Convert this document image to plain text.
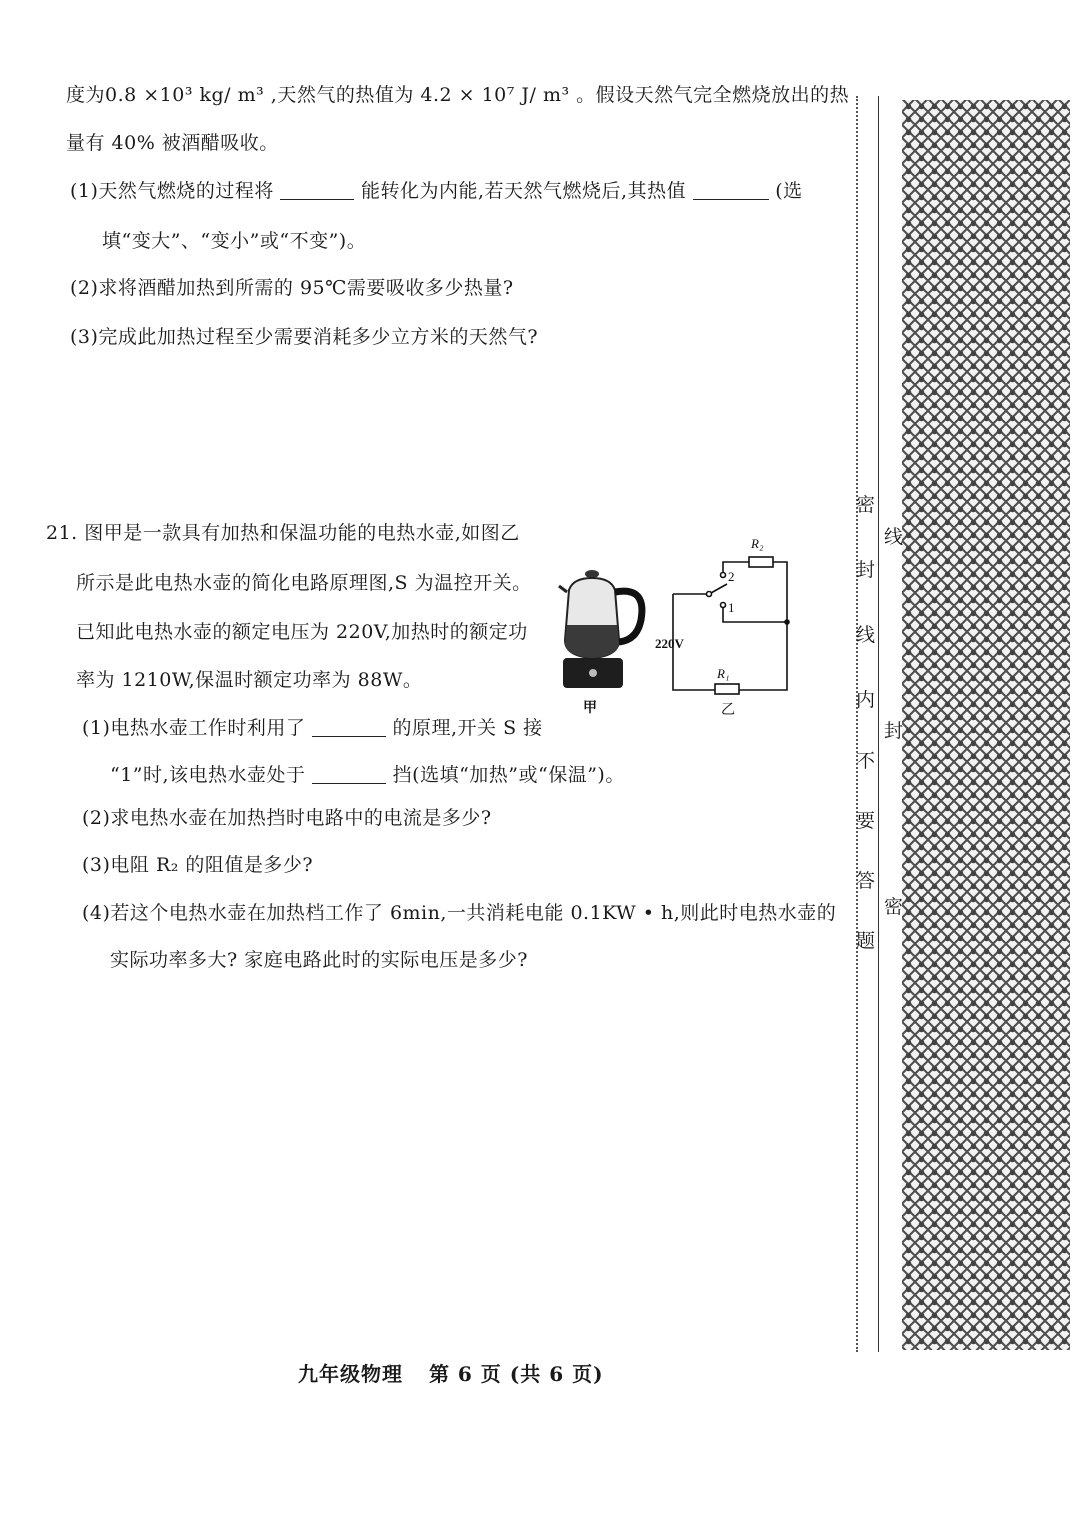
度为0.8 ×10³ kg/ m³ ,天然气的热值为 4.2 × 10⁷ J/ m³ 。假设天然气完全燃烧放出的热
量有 40% 被酒醋吸收。
(1)天然气燃烧的过程将	能转化为内能,若天然气燃烧后,其热值	(选
填“变大”、“变小”或“不变”)。
(2)求将酒醋加热到所需的 95℃需要吸收多少热量?
(3)完成此加热过程至少需要消耗多少立方米的天然气?
21. 图甲是一款具有加热和保温功能的电热水壶,如图乙
所示是此电热水壶的简化电路原理图,S 为温控开关。
已知此电热水壶的额定电压为 220V,加热时的额定功
率为 1210W,保温时额定功率为 88W。
220V
R₂
R₁
2
1
甲	乙
(1)电热水壶工作时利用了	的原理,开关 S 接
“1”时,该电热水壶处于	挡(选填“加热”或“保温”)。
(2)求电热水壶在加热挡时电路中的电流是多少?
(3)电阻 R₂ 的阻值是多少?
(4)若这个电热水壶在加热档工作了 6min,一共消耗电能 0.1KW • h,则此时电热水壶的
实际功率多大? 家庭电路此时的实际电压是多少?
密
封
线
内
不
要
答
题
线
封
密
九年级物理 第 6 页 (共 6 页)
